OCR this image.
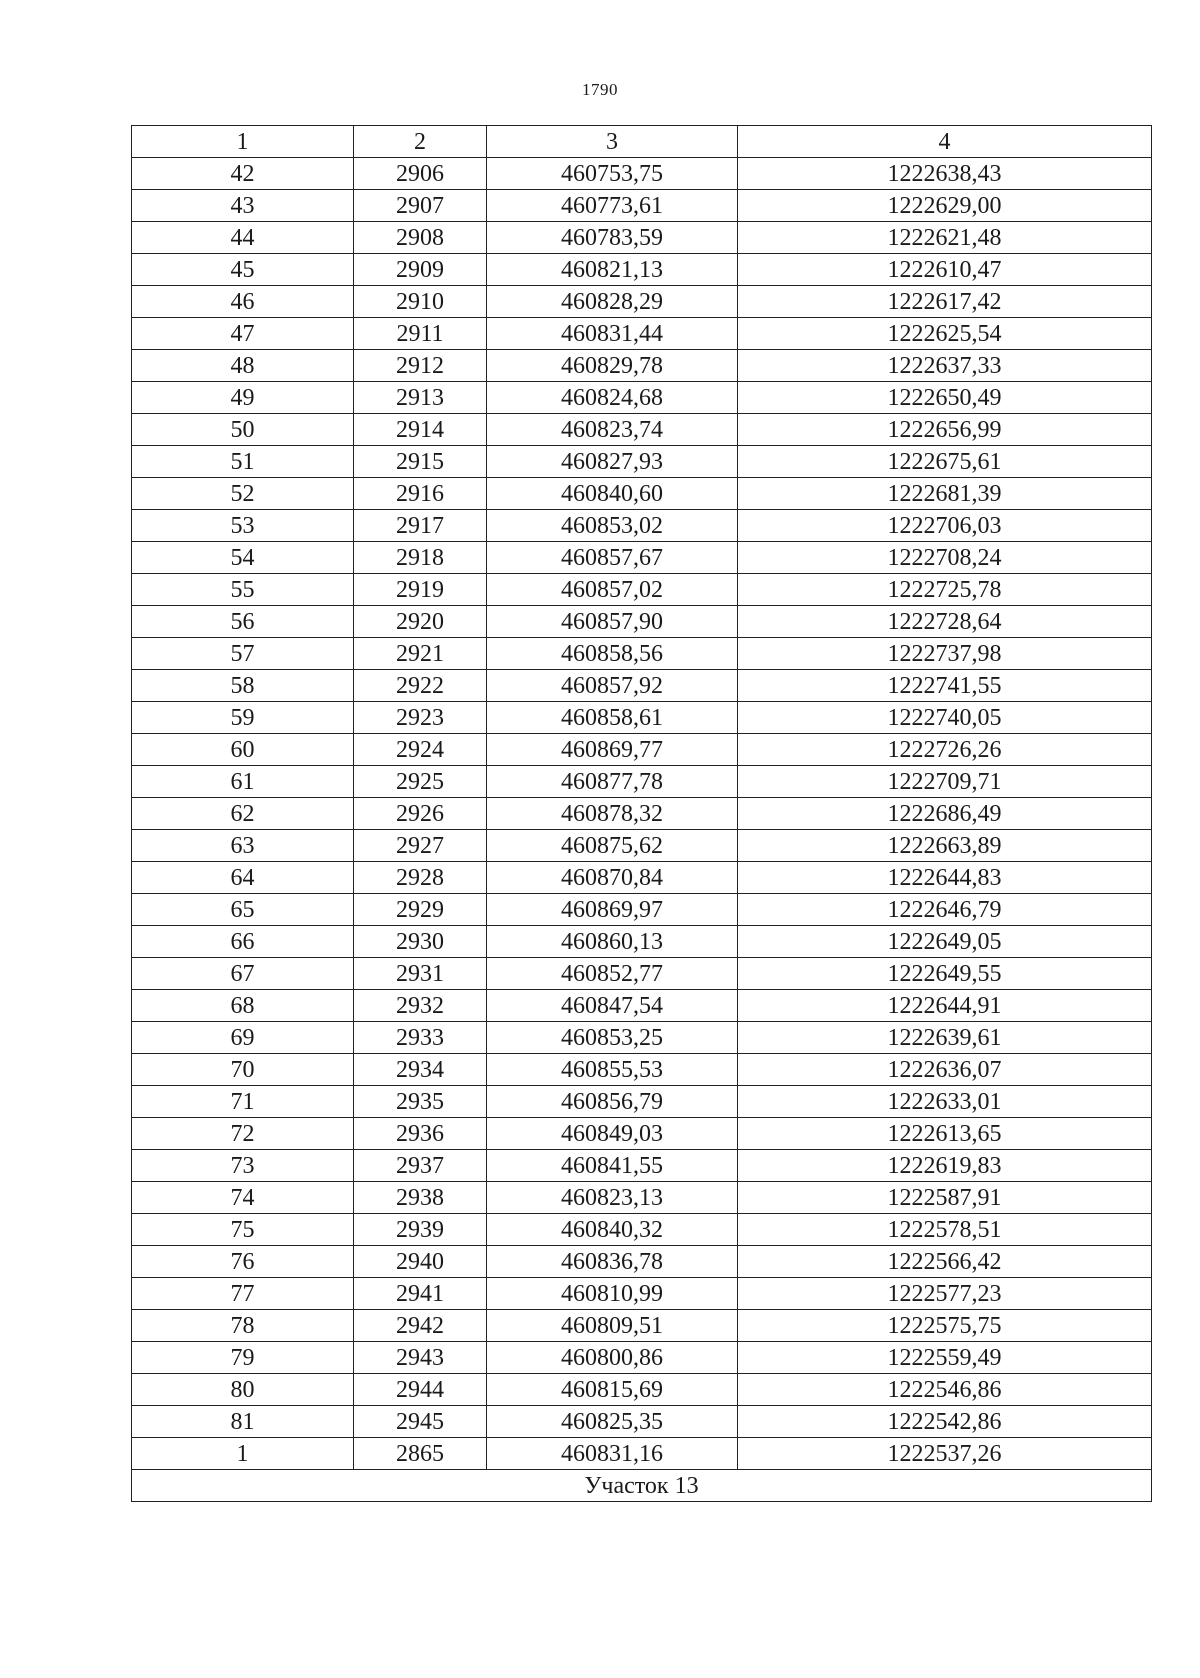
1790
1	2	3	4
42	2906	460753,75	1222638,43
43	2907	460773,61	1222629,00
44	2908	460783,59	1222621,48
45	2909	460821,13	1222610,47
46	2910	460828,29	1222617,42
47	2911	460831,44	1222625,54
48	2912	460829,78	1222637,33
49	2913	460824,68	1222650,49
50	2914	460823,74	1222656,99
51	2915	460827,93	1222675,61
52	2916	460840,60	1222681,39
53	2917	460853,02	1222706,03
54	2918	460857,67	1222708,24
55	2919	460857,02	1222725,78
56	2920	460857,90	1222728,64
57	2921	460858,56	1222737,98
58	2922	460857,92	1222741,55
59	2923	460858,61	1222740,05
60	2924	460869,77	1222726,26
61	2925	460877,78	1222709,71
62	2926	460878,32	1222686,49
63	2927	460875,62	1222663,89
64	2928	460870,84	1222644,83
65	2929	460869,97	1222646,79
66	2930	460860,13	1222649,05
67	2931	460852,77	1222649,55
68	2932	460847,54	1222644,91
69	2933	460853,25	1222639,61
70	2934	460855,53	1222636,07
71	2935	460856,79	1222633,01
72	2936	460849,03	1222613,65
73	2937	460841,55	1222619,83
74	2938	460823,13	1222587,91
75	2939	460840,32	1222578,51
76	2940	460836,78	1222566,42
77	2941	460810,99	1222577,23
78	2942	460809,51	1222575,75
79	2943	460800,86	1222559,49
80	2944	460815,69	1222546,86
81	2945	460825,35	1222542,86
1	2865	460831,16	1222537,26
Участок 13			
